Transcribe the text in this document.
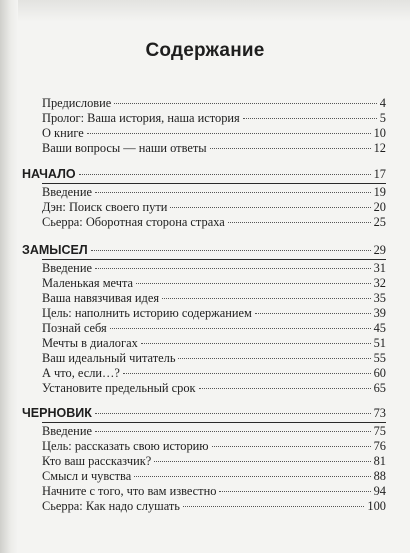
Содержание
Предисловие	4
Пролог: Ваша история, наша история	5
О книге	10
Ваши вопросы — наши ответы	12
НАЧАЛО	17
Введение	19
Дэн: Поиск своего пути	20
Сьерра: Оборотная сторона страха	25
ЗАМЫСЕЛ	29
Введение	31
Маленькая мечта	32
Ваша навязчивая идея	35
Цель: наполнить историю содержанием	39
Познай себя	45
Мечты в диалогах	51
Ваш идеальный читатель	55
А что, если…?	60
Установите предельный срок	65
ЧЕРНОВИК	73
Введение	75
Цель: рассказать свою историю	76
Кто ваш рассказчик?	81
Смысл и чувства	88
Начните с того, что вам известно	94
Сьерра: Как надо слушать	100
